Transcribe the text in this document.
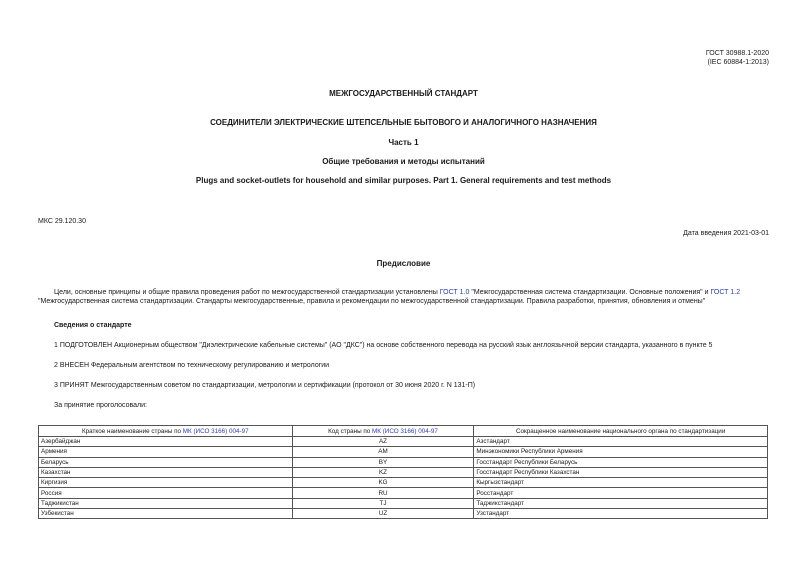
ГОСТ 30988.1-2020
(IEC 60884-1:2013)
МЕЖГОСУДАРСТВЕННЫЙ СТАНДАРТ
СОЕДИНИТЕЛИ ЭЛЕКТРИЧЕСКИЕ ШТЕПСЕЛЬНЫЕ БЫТОВОГО И АНАЛОГИЧНОГО НАЗНАЧЕНИЯ
Часть 1
Общие требования и методы испытаний
Plugs and socket-outlets for household and similar purposes. Part 1. General requirements and test methods
МКС 29.120.30
Дата введения 2021-03-01
Предисловие
Цели, основные принципы и общие правила проведения работ по межгосударственной стандартизации установлены ГОСТ 1.0 "Межгосударственная система стандартизации. Основные положения" и ГОСТ 1.2
"Межгосударственная система стандартизации. Стандарты межгосударственные, правила и рекомендации по межгосударственной стандартизации. Правила разработки, принятия, обновления и отмены"
Сведения о стандарте
1 ПОДГОТОВЛЕН Акционерным обществом "Диэлектрические кабельные системы" (АО "ДКС") на основе собственного перевода на русский язык англоязычной версии стандарта, указанного в пункте 5
2 ВНЕСЕН Федеральным агентством по техническому регулированию и метрологии
3 ПРИНЯТ Межгосударственным советом по стандартизации, метрологии и сертификации (протокол от 30 июня 2020 г. N 131-П)
За принятие проголосовали:
Краткое наименование страны по МК (ИСО 3166) 004-97	Код страны по МК (ИСО 3166) 004-97	Сокращенное наименование национального органа по стандартизации
Азербайджан	AZ	Азстандарт
Армения	AM	Минэкономики Республики Армения
Беларусь	BY	Госстандарт Республики Беларусь
Казахстан	KZ	Госстандарт Республики Казахстан
Киргизия	KG	Кыргызстандарт
Россия	RU	Росстандарт
Таджикистан	TJ	Таджикстандарт
Узбекистан	UZ	Узстандарт
